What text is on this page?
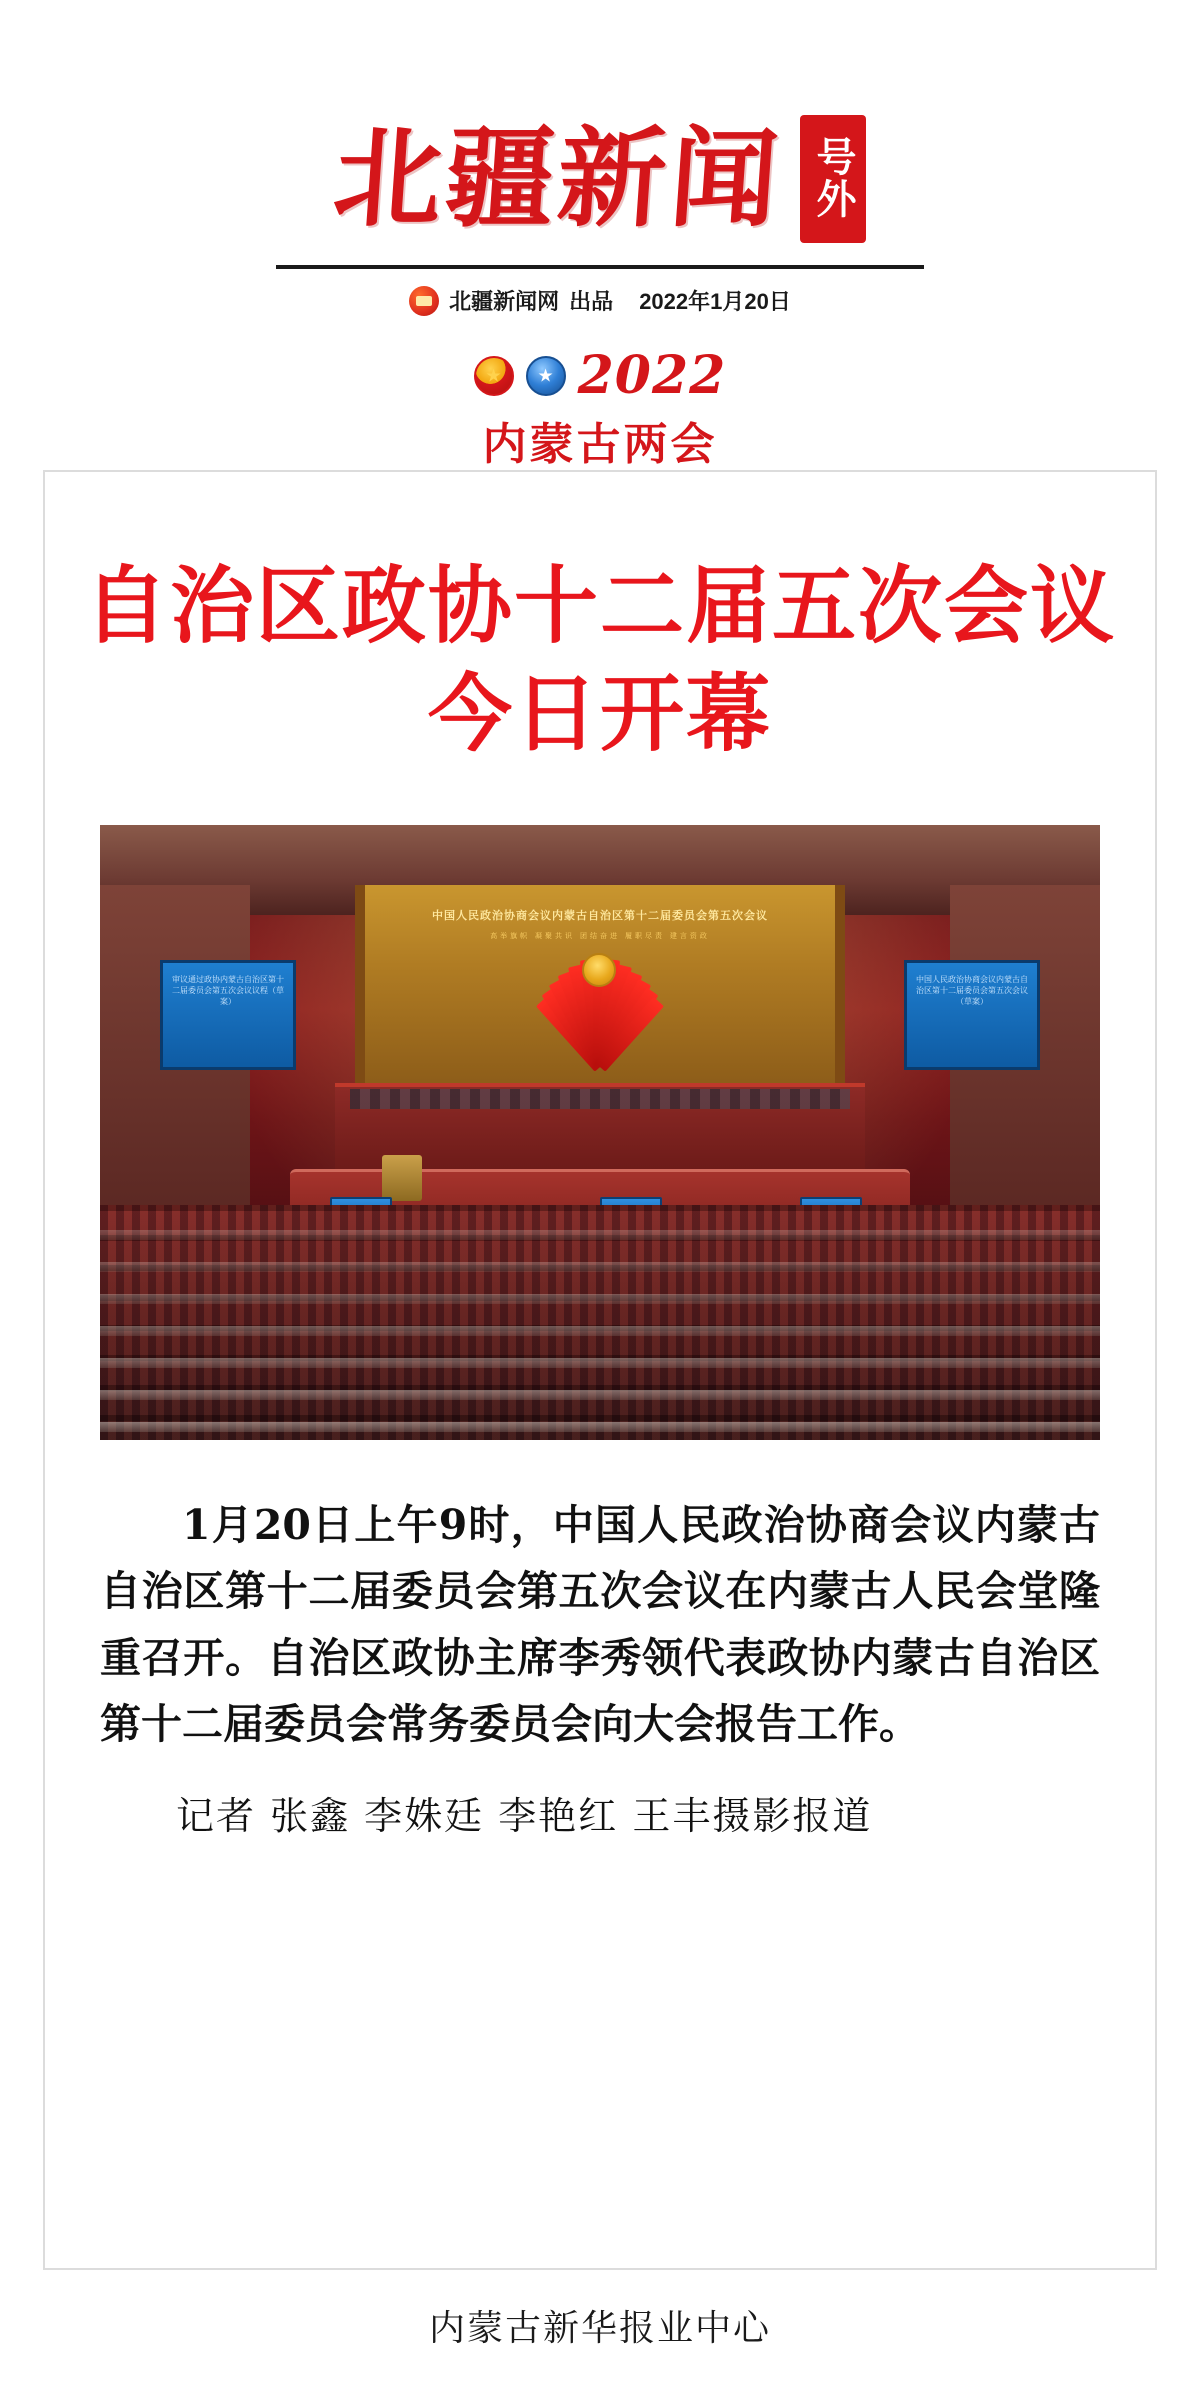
北疆新闻 号外
北疆新闻网 出品 2022年1月20日
★
★
2022
内蒙古两会
自治区政协十二届五次会议
今日开幕
审议通过政协内蒙古自治区第十二届委员会第五次会议议程（草案）
中国人民政治协商会议内蒙古自治区第十二届委员会第五次会议（草案）
中国人民政治协商会议内蒙古自治区第十二届委员会第五次会议
高举旗帜 凝聚共识 团结奋进 履职尽责 建言资政
1月20日上午9时，中国人民政治协商会议内蒙古自治区第十二届委员会第五次会议在内蒙古人民会堂隆重召开。自治区政协主席李秀领代表政协内蒙古自治区第十二届委员会常务委员会向大会报告工作。
记者 张鑫 李姝廷 李艳红 王丰摄影报道
内蒙古新华报业中心
